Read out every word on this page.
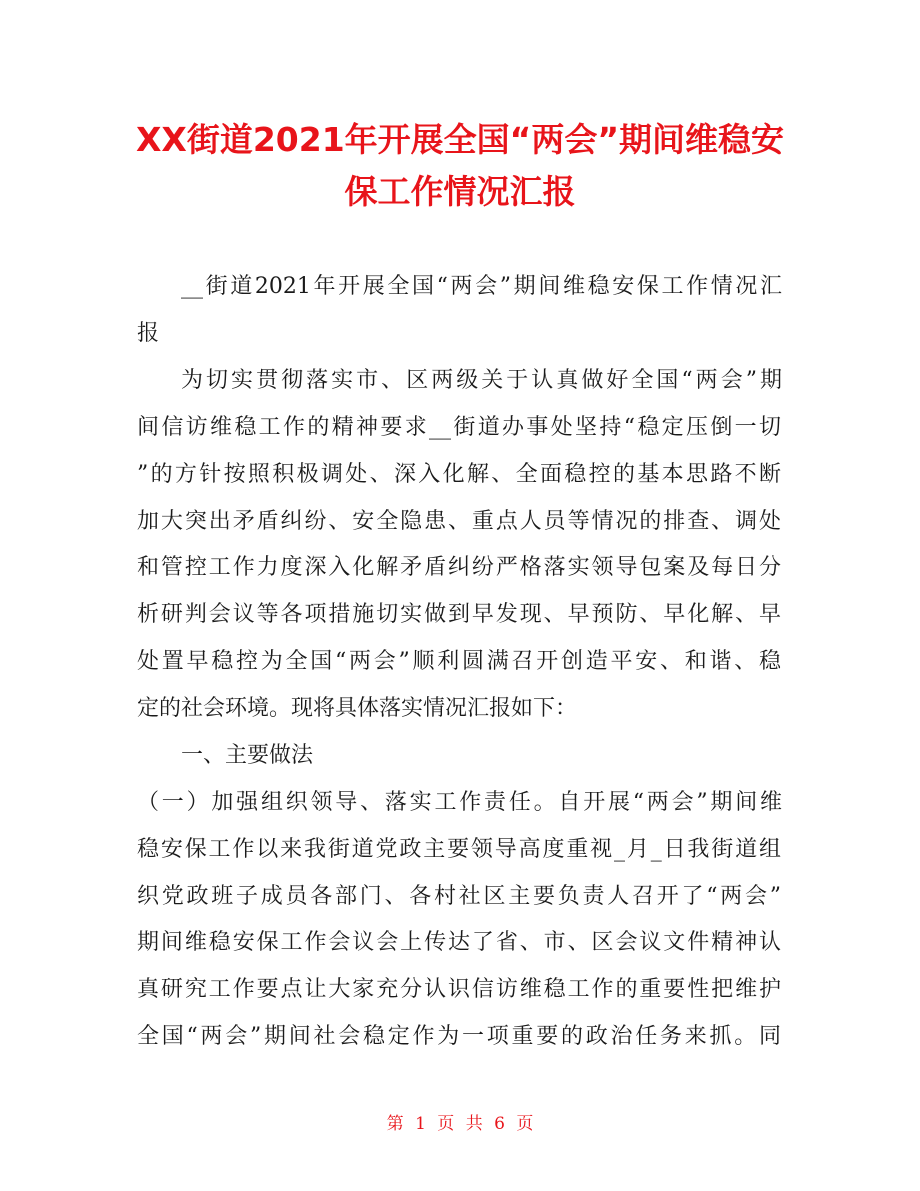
XX街道2021年开展全国“两会”期间维稳安
保工作情况汇报

__街道2021年开展全国“两会”期间维稳安保工作情况汇

报

为切实贯彻落实市、区两级关于认真做好全国“两会”期

间信访维稳工作的精神要求__街道办事处坚持“稳定压倒一切

”的方针按照积极调处、深入化解、全面稳控的基本思路不断

加大突出矛盾纠纷、安全隐患、重点人员等情况的排查、调处

和管控工作力度深入化解矛盾纠纷严格落实领导包案及每日分

析研判会议等各项措施切实做到早发现、早预防、早化解、早

处置早稳控为全国“两会”顺利圆满召开创造平安、和谐、稳

定的社会环境。现将具体落实情况汇报如下：

一、主要做法

（一）加强组织领导、落实工作责任。自开展“两会”期间维

稳安保工作以来我街道党政主要领导高度重视_月_日我街道组

织党政班子成员各部门、各村社区主要负责人召开了“两会”

期间维稳安保工作会议会上传达了省、市、区会议文件精神认

真研究工作要点让大家充分认识信访维稳工作的重要性把维护

全国“两会”期间社会稳定作为一项重要的政治任务来抓。同

第 1 页 共 6 页
